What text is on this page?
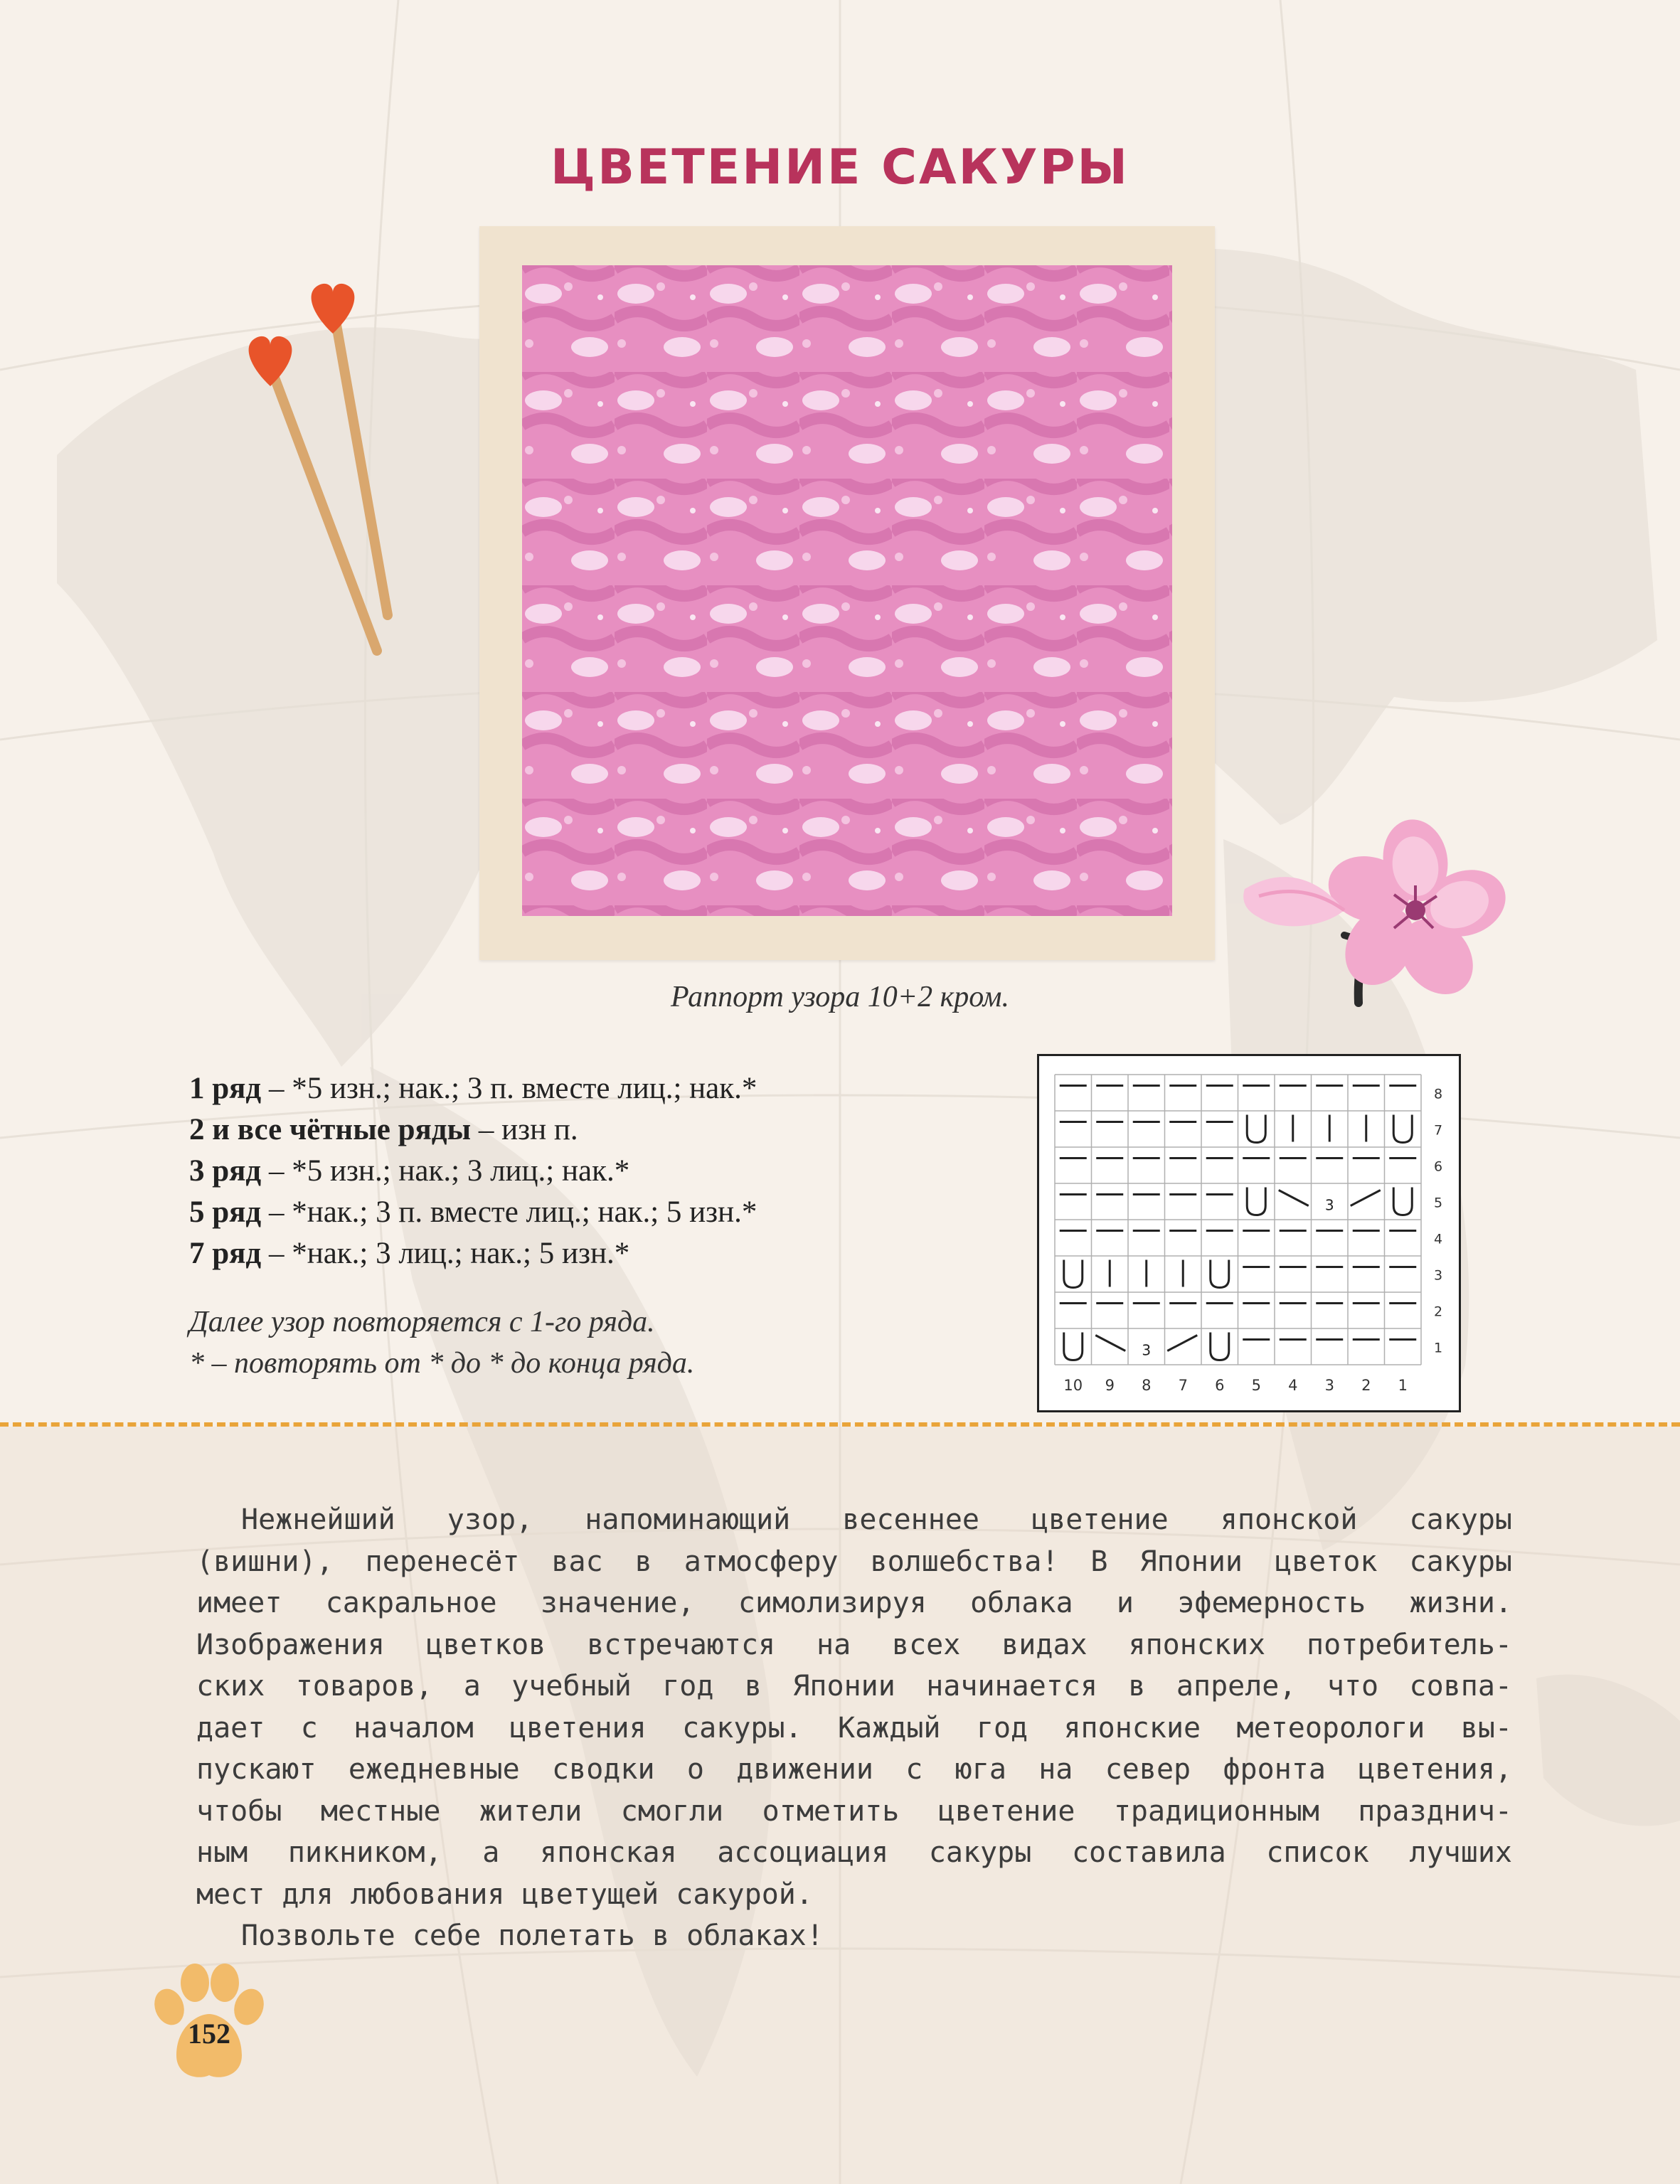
ЦВЕТЕНИЕ САКУРЫ
Раппорт узора 10+2 кром.
1 ряд – *5 изн.; нак.; 3 п. вместе лиц.; нак.*
2 и все чётные ряды – изн п.
3 ряд – *5 изн.; нак.; 3 лиц.; нак.*
5 ряд – *нак.; 3 п. вместе лиц.; нак.; 5 изн.*
7 ряд – *нак.; 3 лиц.; нак.; 5 изн.*
Далее узор повторяется с 1-го ряда.
* – повторять от * до * до конца ряда.
3
3
8
7
6
5
4
3
2
1
10 9 8 7 6 5 4 3 2 1

Нежнейший узор, напоминающий весеннее цветение японской сакуры

(вишни), перенесёт вас в атмосферу волшебства! В Японии цветок сакуры

имеет сакральное значение, симолизируя облака и эфемерность жизни.

Изображения цветков встречаются на всех видах японских потребитель-

ских товаров, а учебный год в Японии начинается в апреле, что совпа-

дает с началом цветения сакуры. Каждый год японские метеорологи вы-

пускают ежедневные сводки о движении с юга на север фронта цветения,

чтобы местные жители смогли отметить цветение традиционным празднич-

ным пикником, а японская ассоциация сакуры составила список лучших

мест для любования цветущей сакурой.

Позвольте себе полетать в облаках!

152
